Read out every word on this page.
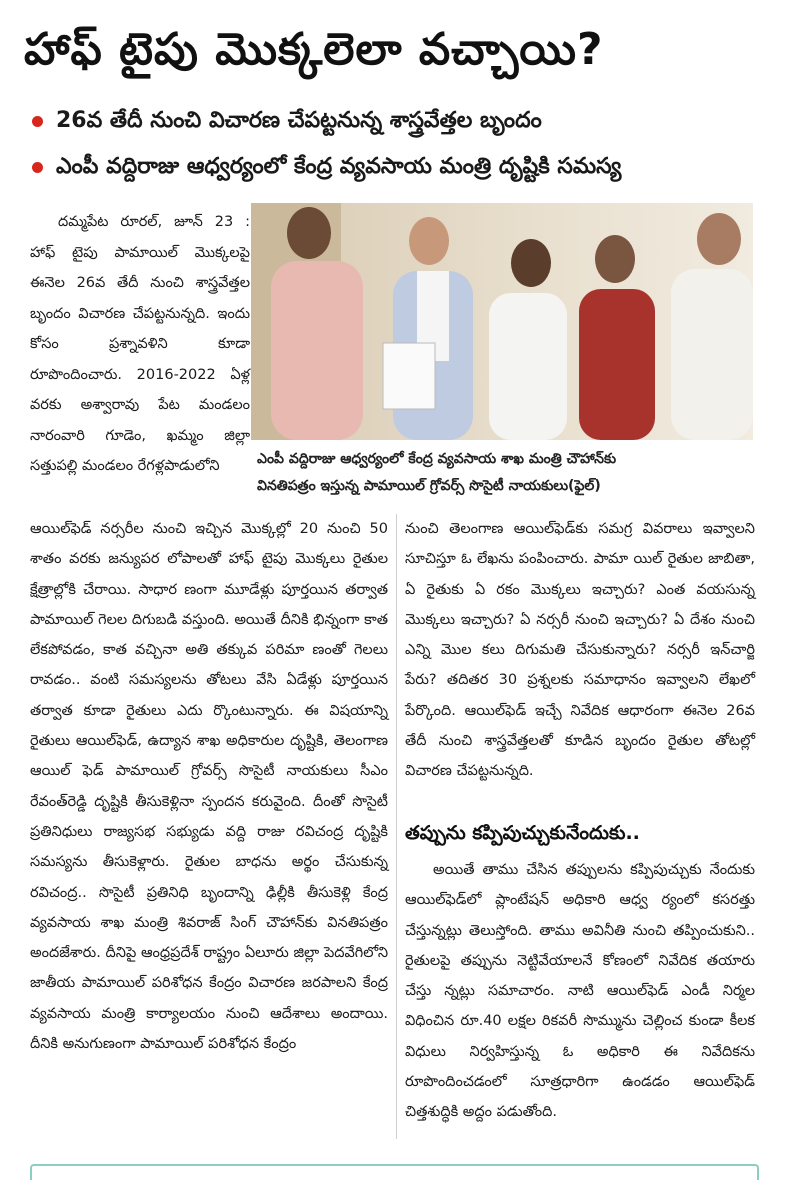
హాఫ్ టైపు మొక్కలెలా వచ్చాయి?
26వ తేదీ నుంచి విచారణ చేపట్టనున్న శాస్త్రవేత్తల బృందం
ఎంపీ వద్దిరాజు ఆధ్వర్యంలో కేంద్ర వ్యవసాయ మంత్రి దృష్టికి సమస్య

దమ్మపేట రూరల్, జూన్ 23 : హాఫ్ టైపు పామాయిల్ మొక్కలపై ఈనెల 26వ తేదీ నుంచి శాస్త్రవేత్తల బృందం విచారణ చేపట్టనున్నది. ఇందు కోసం ప్రశ్నావళిని కూడా రూపొందించారు. 2016-2022 ఏళ్ల వరకు అశ్వారావు పేట మండలం నారంవారి గూడెం, ఖమ్మం జిల్లా సత్తుపల్లి మండలం రేగళ్లపాడులోని	ఎంపీ వద్దిరాజు ఆధ్వర్యంలో కేంద్ర వ్యవసాయ శాఖ మంత్రి చౌహాన్‌కు
వినతిపత్రం ఇస్తున్న పామాయిల్ గ్రోవర్స్ సొసైటీ నాయకులు(ఫైల్)

ఆయిల్‌ఫెడ్ నర్సరీల నుంచి ఇచ్చిన మొక్కల్లో 20 నుంచి 50 శాతం వరకు జన్యుపర లోపాలతో హాఫ్ టైపు మొక్కలు రైతుల క్షేత్రాల్లోకి చేరాయి. సాధార ణంగా మూడేళ్లు పూర్తయిన తర్వాత పామాయిల్ గెలల దిగుబడి వస్తుంది. అయితే దీనికి భిన్నంగా కాత లేకపోవడం, కాత వచ్చినా అతి తక్కువ పరిమా ణంతో గెలలు రావడం.. వంటి సమస్యలను తోటలు వేసి ఏడేళ్లు పూర్తయిన తర్వాత కూడా రైతులు ఎదు ర్కొంటున్నారు. ఈ విషయాన్ని రైతులు ఆయిల్‌ఫెడ్, ఉద్యాన శాఖ అధికారుల దృష్టికి, తెలంగాణ ఆయిల్ ఫెడ్ పామాయిల్ గ్రోవర్స్ సొసైటీ నాయకులు సీఎం రేవంత్‌రెడ్డి దృష్టికి తీసుకెళ్లినా స్పందన కరువైంది. దీంతో సొసైటీ ప్రతినిధులు రాజ్యసభ సభ్యుడు వద్ది రాజు రవిచంద్ర దృష్టికి సమస్యను తీసుకెళ్లారు. రైతుల బాధను అర్థం చేసుకున్న రవిచంద్ర.. సొసైటీ ప్రతినిధి బృందాన్ని ఢిల్లీకి తీసుకెళ్లి కేంద్ర వ్యవసాయ శాఖ మంత్రి శివరాజ్ సింగ్ చౌహాన్‌కు వినతిపత్రం అందజేశారు. దీనిపై ఆంధ్రప్రదేశ్ రాష్ట్రం ఏలూరు జిల్లా పెదవేగిలోని జాతీయ పామాయిల్ పరిశోధన కేంద్రం విచారణ జరపాలని కేంద్ర వ్యవసాయ మంత్రి కార్యాలయం నుంచి ఆదేశాలు అందాయి. దీనికి అనుగుణంగా పామాయిల్ పరిశోధన కేంద్రం

నుంచి తెలంగాణ ఆయిల్‌ఫెడ్‌కు సమగ్ర వివరాలు ఇవ్వాలని సూచిస్తూ ఓ లేఖను పంపించారు. పామా యిల్ రైతుల జాబితా, ఏ రైతుకు ఏ రకం మొక్కలు ఇచ్చారు? ఎంత వయసున్న మొక్కలు ఇచ్చారు? ఏ నర్సరీ నుంచి ఇచ్చారు? ఏ దేశం నుంచి ఎన్ని మొల కలు దిగుమతి చేసుకున్నారు? నర్సరీ ఇన్‌చార్జి పేరు? తదితర 30 ప్రశ్నలకు సమాధానం ఇవ్వాలని లేఖలో పేర్కొంది. ఆయిల్‌ఫెడ్ ఇచ్చే నివేదిక ఆధారంగా ఈనెల 26వ తేదీ నుంచి శాస్త్రవేత్తలతో కూడిన బృందం రైతుల తోటల్లో విచారణ చేపట్టనున్నది.

తప్పును కప్పిపుచ్చుకునేందుకు..

అయితే తాము చేసిన తప్పులను కప్పిపుచ్చుకు నేందుకు ఆయిల్‌ఫెడ్‌లో ప్లాంటేషన్ అధికారి ఆధ్వ ర్యంలో కసరత్తు చేస్తున్నట్లు తెలుస్తోంది. తాము అవినీతి నుంచి తప్పించుకుని.. రైతులపై తప్పును నెట్టివేయాలనే కోణంలో నివేదిక తయారు చేస్తు న్నట్లు సమాచారం. నాటి ఆయిల్‌ఫెడ్ ఎండీ నిర్మల విధించిన రూ.40 లక్షల రికవరీ సొమ్మును చెల్లించ కుండా కీలక విధులు నిర్వహిస్తున్న ఓ అధికారి ఈ నివేదికను రూపొందించడంలో సూత్రధారిగా ఉండడం ఆయిల్‌ఫెడ్ చిత్తశుద్ధికి అద్దం పడుతోంది.
